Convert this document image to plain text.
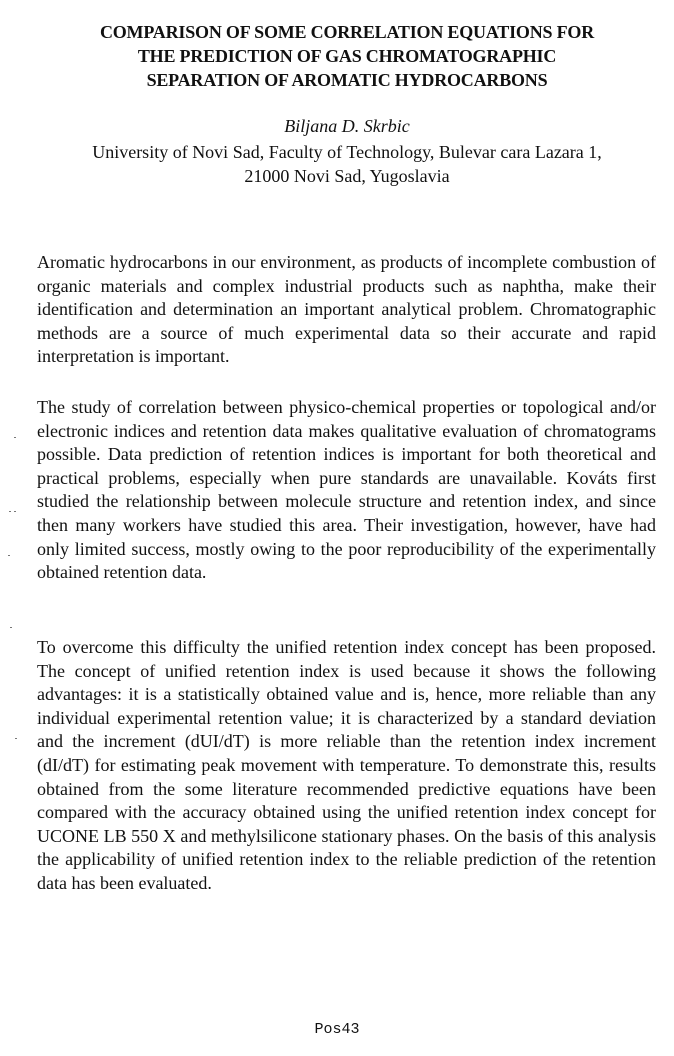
COMPARISON OF SOME CORRELATION EQUATIONS FOR
THE PREDICTION OF GAS CHROMATOGRAPHIC
SEPARATION OF AROMATIC HYDROCARBONS
Biljana D. Skrbic
University of Novi Sad, Faculty of Technology, Bulevar cara Lazara 1,
21000 Novi Sad, Yugoslavia

Aromatic hydrocarbons in our environment, as products of incomplete combustion of organic materials and complex industrial products such as naphtha, make their identification and determination an important analytical problem. Chromatographic methods are a source of much experimental data so their accurate and rapid interpretation is important.

The study of correlation between physico-chemical properties or topological and/or electronic indices and retention data makes qualitative evaluation of chromatograms possible. Data prediction of retention indices is important for both theoretical and practical problems, especially when pure standards are unavailable. Kováts first studied the relationship between molecule structure and retention index, and since then many workers have studied this area. Their investigation, however, have had only limited success, mostly owing to the poor reproducibility of the experimentally obtained retention data.

To overcome this difficulty the unified retention index concept has been proposed. The concept of unified retention index is used because it shows the following advantages: it is a statistically obtained value and is, hence, more reliable than any individual experimental retention value; it is characterized by a standard deviation and the increment (dUI/dT) is more reliable than the retention index increment (dI/dT) for estimating peak movement with temperature. To demonstrate this, results obtained from the some literature recommended predictive equations have been compared with the accuracy obtained using the unified retention index concept for UCONE LB 550 X and methylsilicone stationary phases. On the basis of this analysis the applicability of unified retention index to the reliable prediction of the retention data has been evaluated.

Pos43
